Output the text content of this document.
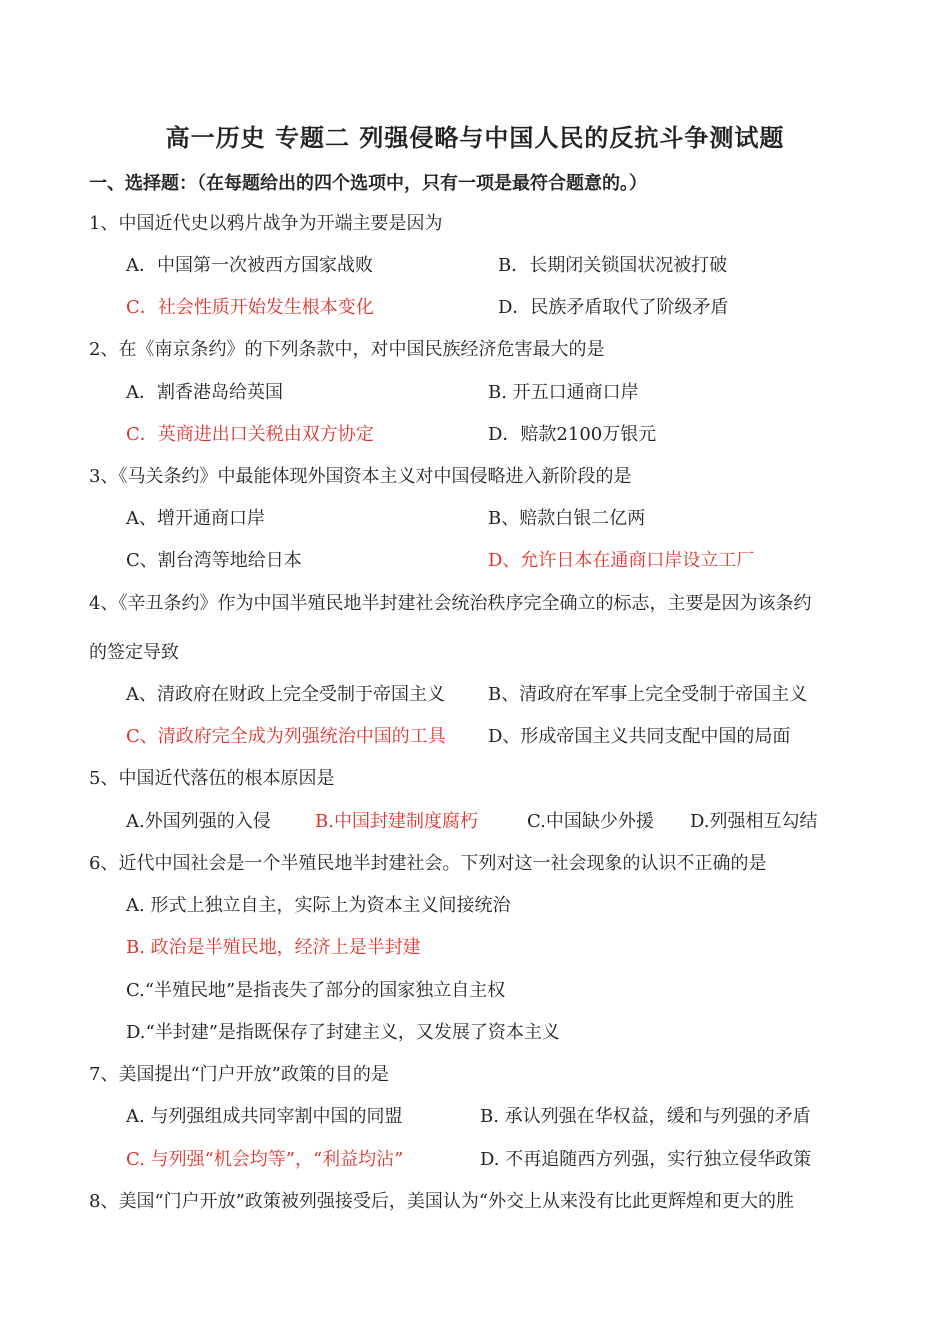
高一历史 专题二 列强侵略与中国人民的反抗斗争测试题
一、选择题：（在每题给出的四个选项中，只有一项是最符合题意的。）
1、中国近代史以鸦片战争为开端主要是因为
A．中国第一次被西方国家战败	B．长期闭关锁国状况被打破
C．社会性质开始发生根本变化	D．民族矛盾取代了阶级矛盾
2、在《南京条约》的下列条款中，对中国民族经济危害最大的是
A．割香港岛给英国	B. 开五口通商口岸
C．英商进出口关税由双方协定	D．赔款2100万银元
3、《马关条约》中最能体现外国资本主义对中国侵略进入新阶段的是
A、增开通商口岸	B、赔款白银二亿两
C、割台湾等地给日本	D、允许日本在通商口岸设立工厂
4、《辛丑条约》作为中国半殖民地半封建社会统治秩序完全确立的标志，主要是因为该条约
的签定导致
A、清政府在财政上完全受制于帝国主义 B、清政府在军事上完全受制于帝国主义
C、清政府完全成为列强统治中国的工具 D、形成帝国主义共同支配中国的局面
5、中国近代落伍的根本原因是
A.外国列强的入侵 B.中国封建制度腐朽	C.中国缺少外援 D.列强相互勾结
6、近代中国社会是一个半殖民地半封建社会。下列对这一社会现象的认识不正确的是
A. 形式上独立自主，实际上为资本主义间接统治
B. 政治是半殖民地，经济上是半封建
C.“半殖民地”是指丧失了部分的国家独立自主权
D.“半封建”是指既保存了封建主义，又发展了资本主义
7、美国提出“门户开放”政策的目的是
A. 与列强组成共同宰割中国的同盟	B. 承认列强在华权益，缓和与列强的矛盾
C. 与列强“机会均等”，“利益均沾”	D. 不再追随西方列强，实行独立侵华政策
8、美国“门户开放”政策被列强接受后，美国认为“外交上从来没有比此更辉煌和更大的胜
